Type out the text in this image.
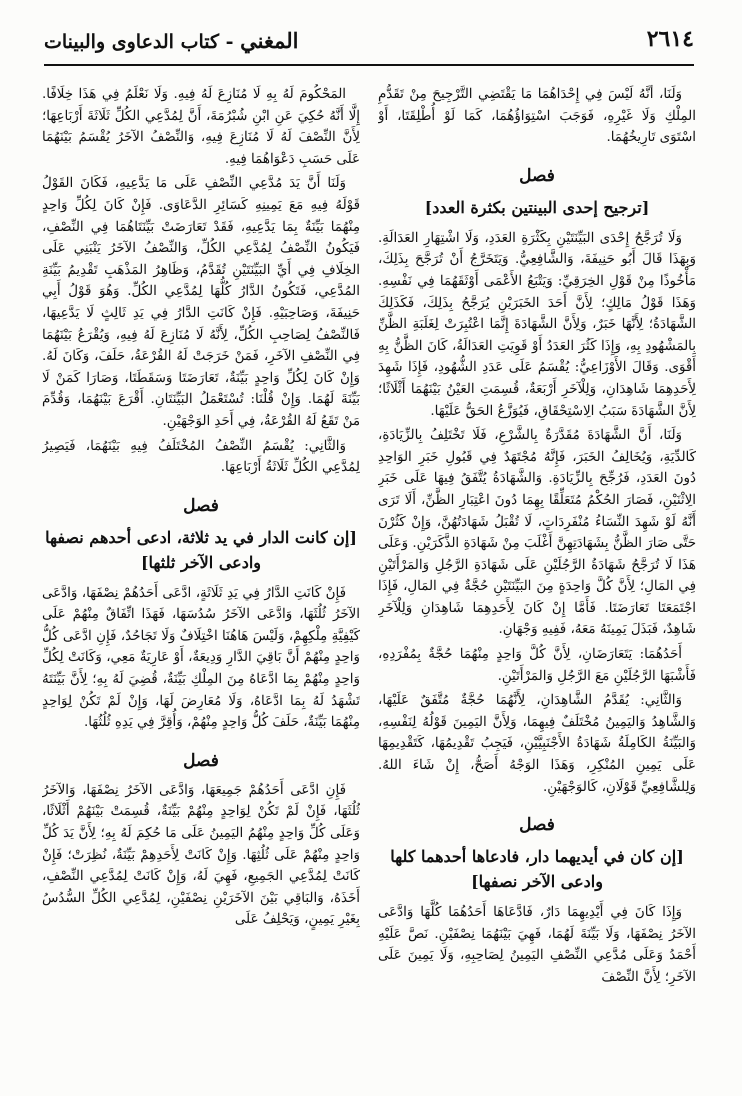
٢٦١٤
المغني - كتاب الدعاوى والبينات

وَلَنَا، أَنَّهُ لَيْسَ فِي إِحْدَاهُمَا مَا يَقْتَضِي التَّرْجِيحَ مِنْ تَقَدُّمِ المِلْكِ وَلَا غَيْرِهِ، فَوَجَبَ اسْتِوَاؤُهُمَا، كَمَا لَوْ أُطْلِقَتَا، أَوْ اسْتَوَى تَارِيخُهُمَا.

فصل
[ترجيح إحدى البينتين بكثرة العدد]

وَلَا تُرَجَّحُ إِحْدَى البَيِّنَتَيْنِ بِكَثْرَةِ العَدَدِ، وَلَا اشْتِهَارِ العَدَالَةِ. وَبِهَذَا قَالَ أَبُو حَنِيفَةَ، وَالشَّافِعِيُّ. وَيَتَخَرَّجُ أَنْ تُرَجَّحَ بِذَلِكَ، مَأْخُوذًا مِنْ قَوْلِ الخِرَقِيِّ: وَيَتْبَعُ الأَعْمَى أَوْثَقَهُمَا فِي نَفْسِهِ. وَهَذَا قَوْلُ مَالِكٍ؛ لِأَنَّ أَحَدَ الخَبَرَيْنِ يُرَجَّحُ بِذَلِكَ، فَكَذَلِكَ الشَّهَادَةُ؛ لِأَنَّهَا خَبَرٌ، وَلِأَنَّ الشَّهَادَةَ إِنَّمَا اعْتُبِرَتْ لِغَلَبَةِ الظَّنِّ بِالمَشْهُودِ بِهِ، وَإِذَا كَثُرَ العَدَدُ أَوْ قَوِيَتِ العَدَالَةُ، كَانَ الظَّنُّ بِهِ أَقْوَى. وَقَالَ الأَوْزَاعِيُّ: يُقْسَمُ عَلَى عَدَدِ الشُّهُودِ، فَإِذَا شَهِدَ لِأَحَدِهِمَا شَاهِدَانِ، وَلِلْآخَرِ أَرْبَعَةٌ، قُسِمَتِ العَيْنُ بَيْنَهُمَا أَثْلَاثًا؛ لِأَنَّ الشَّهَادَةَ سَبَبُ الِاسْتِحْقَاقِ، فَيُوَزَّعُ الحَقُّ عَلَيْهَا.

وَلَنَا، أَنَّ الشَّهَادَةَ مُقَدَّرَةٌ بِالشَّرْعِ، فَلَا تَخْتَلِفُ بِالزِّيَادَةِ، كَالدِّيَةِ، وَيُخَالِفُ الخَبَرَ، فَإِنَّهُ مُجْتَهَدٌ فِي قَبُولِ خَبَرِ الوَاحِدِ دُونَ العَدَدِ، فَرُجِّحَ بِالزِّيَادَةِ. وَالشَّهَادَةُ يُتَّفَقُ فِيهَا عَلَى خَبَرِ الِاثْنَيْنِ، فَصَارَ الحُكْمُ مُتَعَلِّقًا بِهِمَا دُونَ اعْتِبَارِ الظَّنِّ، أَلَا تَرَى أَنَّهُ لَوْ شَهِدَ النِّسَاءُ مُنْفَرِدَاتٍ، لَا تُقْبَلُ شَهَادَتُهُنَّ، وَإِنْ كَثُرْنَ حَتَّى صَارَ الظَّنُّ بِشَهَادَتِهِنَّ أَغْلَبَ مِنْ شَهَادَةِ الذَّكَرَيْنِ. وَعَلَى هَذَا لَا تُرَجَّحُ شَهَادَةُ الرَّجُلَيْنِ عَلَى شَهَادَةِ الرَّجُلِ وَالمَرْأَتَيْنِ فِي المَالِ؛ لِأَنَّ كُلَّ وَاحِدَةٍ مِنَ البَيِّنَتَيْنِ حُجَّةٌ فِي المَالِ، فَإِذَا اجْتَمَعَتَا تَعَارَضَتَا. فَأَمَّا إِنْ كَانَ لِأَحَدِهِمَا شَاهِدَانِ وَلِلْآخَرِ شَاهِدٌ، فَبَذَلَ يَمِينَهُ مَعَهُ، فَفِيهِ وَجْهَانِ.

أَحَدُهُمَا: يَتَعَارَضَانِ، لِأَنَّ كُلَّ وَاحِدٍ مِنْهُمَا حُجَّةٌ بِمُفْرَدِهِ، فَأَشْبَهَا الرَّجُلَيْنِ مَعَ الرَّجُلِ وَالمَرْأَتَيْنِ.

وَالثَّانِي: يُقَدَّمُ الشَّاهِدَانِ، لِأَنَّهُمَا حُجَّةٌ مُتَّفَقٌ عَلَيْهَا، وَالشَّاهِدُ وَاليَمِينُ مُخْتَلَفٌ فِيهِمَا، وَلِأَنَّ اليَمِينَ قَوْلُهُ لِنَفْسِهِ، وَالبَيِّنَةُ الكَامِلَةُ شَهَادَةُ الأَجْنَبِيَّيْنِ، فَيَجِبُ تَقْدِيمُهَا، كَتَقْدِيمِهَا عَلَى يَمِينِ المُنْكِرِ، وَهَذَا الوَجْهُ أَصَحُّ، إِنْ شَاءَ اللهُ. وَلِلشَّافِعِيِّ قَوْلَانِ، كَالوَجْهَيْنِ.

فصل
[إن كان في أيديهما دار، فادعاها أحدهما كلها وادعى الآخر نصفها]

وَإِذَا كَانَ فِي أَيْدِيهِمَا دَارٌ، فَادَّعَاهَا أَحَدُهُمَا كُلَّهَا وَادَّعَى الآخَرُ نِصْفَهَا، وَلَا بَيِّنَةَ لَهُمَا، فَهِيَ بَيْنَهُمَا نِصْفَيْنِ. نَصَّ عَلَيْهِ أَحْمَدُ وَعَلَى مُدَّعِي النِّصْفِ اليَمِينُ لِصَاحِبِهِ، وَلَا يَمِينَ عَلَى الآخَرِ؛ لِأَنَّ النِّصْفَ

المَحْكُومَ لَهُ بِهِ لَا مُنَازِعَ لَهُ فِيهِ. وَلَا نَعْلَمُ فِي هَذَا خِلَافًا. إِلَّا أَنَّهُ حُكِيَ عَنِ ابْنِ شُبْرُمَةَ، أَنَّ لِمُدَّعِي الكُلِّ ثَلَاثَةَ أَرْبَاعِهَا؛ لِأَنَّ النِّصْفَ لَهُ لَا مُنَازِعَ فِيهِ، وَالنِّصْفُ الآخَرُ يُقْسَمُ بَيْنَهُمَا عَلَى حَسَبِ دَعْوَاهُمَا فِيهِ.

وَلَنَا أَنَّ يَدَ مُدَّعِي النِّصْفِ عَلَى مَا يَدَّعِيهِ، فَكَانَ القَوْلُ قَوْلَهُ فِيهِ مَعَ يَمِينِهِ كَسَائِرِ الدَّعَاوَى. فَإِنْ كَانَ لِكُلِّ وَاحِدٍ مِنْهُمَا بَيِّنَةٌ بِمَا يَدَّعِيهِ، فَقَدْ تَعَارَضَتْ بَيِّنَتَاهُمَا فِي النِّصْفِ، فَيَكُونُ النِّصْفُ لِمُدَّعِي الكُلِّ، وَالنِّصْفُ الآخَرُ يَنْبَنِي عَلَى الخِلَافِ فِي أَيِّ البَيِّنَتَيْنِ تُقَدَّمُ، وَظَاهِرُ المَذْهَبِ تَقْدِيمُ بَيِّنَةِ المُدَّعِي، فَتَكُونُ الدَّارُ كُلُّهَا لِمُدَّعِي الكُلِّ. وَهُوَ قَوْلُ أَبِي حَنِيفَةَ، وَصَاحِبَيْهِ. فَإِنْ كَانَتِ الدَّارُ فِي يَدِ ثَالِثٍ لَا يَدَّعِيهَا، فَالنِّصْفُ لِصَاحِبِ الكُلِّ، لِأَنَّهُ لَا مُنَازِعَ لَهُ فِيهِ، وَيُقْرَعُ بَيْنَهُمَا فِي النِّصْفِ الآخَرِ، فَمَنْ خَرَجَتْ لَهُ القُرْعَةُ، حَلَفَ، وَكَانَ لَهُ. وَإِنْ كَانَ لِكُلِّ وَاحِدٍ بَيِّنَةٌ، تَعَارَضَتَا وَسَقَطَتَا، وَصَارَا كَمَنْ لَا بَيِّنَةَ لَهُمَا. وَإِنْ قُلْنَا: تُسْتَعْمَلُ البَيِّنَتَانِ. أَقْرَعَ بَيْنَهُمَا، وَقُدِّمَ مَنْ تَقَعُ لَهُ القُرْعَةُ، فِي أَحَدِ الوَجْهَيْنِ.

وَالثَّانِي: يُقْسَمُ النِّصْفُ المُخْتَلَفُ فِيهِ بَيْنَهُمَا، فَيَصِيرُ لِمُدَّعِي الكُلِّ ثَلَاثَةُ أَرْبَاعِهَا.

فصل
[إن كانت الدار في يد ثلاثة، ادعى أحدهم نصفها وادعى الآخر ثلثها]

فَإِنْ كَانَتِ الدَّارُ فِي يَدِ ثَلَاثَةٍ، ادَّعَى أَحَدُهُمْ نِصْفَهَا، وَادَّعَى الآخَرُ ثُلُثَهَا، وَادَّعَى الآخَرُ سُدُسَهَا، فَهَذَا اتِّفَاقٌ مِنْهُمْ عَلَى كَيْفِيَّةِ مِلْكِهِمْ، وَلَيْسَ هَاهُنَا اخْتِلَافٌ وَلَا تَجَاحُدٌ، فَإِنِ ادَّعَى كُلُّ وَاحِدٍ مِنْهُمْ أَنَّ بَاقِيَ الدَّارِ وَدِيعَةٌ، أَوْ عَارِيَةٌ مَعِي، وَكَانَتْ لِكُلِّ وَاحِدٍ مِنْهُمْ بِمَا ادَّعَاهُ مِنَ المِلْكِ بَيِّنَةٌ، قُضِيَ لَهُ بِهِ؛ لِأَنَّ بَيِّنَتَهُ تَشْهَدُ لَهُ بِمَا ادَّعَاهُ، وَلَا مُعَارِضَ لَهَا، وَإِنْ لَمْ تَكُنْ لِوَاحِدٍ مِنْهُمَا بَيِّنَةٌ، حَلَفَ كُلُّ وَاحِدٍ مِنْهُمْ، وَأُقِرَّ فِي يَدِهِ ثُلُثُهَا.

فصل

فَإِنِ ادَّعَى أَحَدُهُمْ جَمِيعَهَا، وَادَّعَى الآخَرُ نِصْفَهَا، وَالآخَرُ ثُلُثَهَا، فَإِنْ لَمْ تَكُنْ لِوَاحِدٍ مِنْهُمْ بَيِّنَةٌ، قُسِمَتْ بَيْنَهُمْ أَثْلَاثًا، وَعَلَى كُلِّ وَاحِدٍ مِنْهُمُ اليَمِينُ عَلَى مَا حُكِمَ لَهُ بِهِ؛ لِأَنَّ يَدَ كُلِّ وَاحِدٍ مِنْهُمْ عَلَى ثُلُثِهَا. وَإِنْ كَانَتْ لِأَحَدِهِمْ بَيِّنَةٌ، نُظِرَتْ؛ فَإِنْ كَانَتْ لِمُدَّعِي الجَمِيعِ، فَهِيَ لَهُ، وَإِنْ كَانَتْ لِمُدَّعِي النِّصْفِ، أَخَذَهُ، وَالبَاقِي بَيْنَ الآخَرَيْنِ نِصْفَيْنِ، لِمُدَّعِي الكُلِّ السُّدُسُ بِغَيْرِ يَمِينٍ، وَيَحْلِفُ عَلَى
